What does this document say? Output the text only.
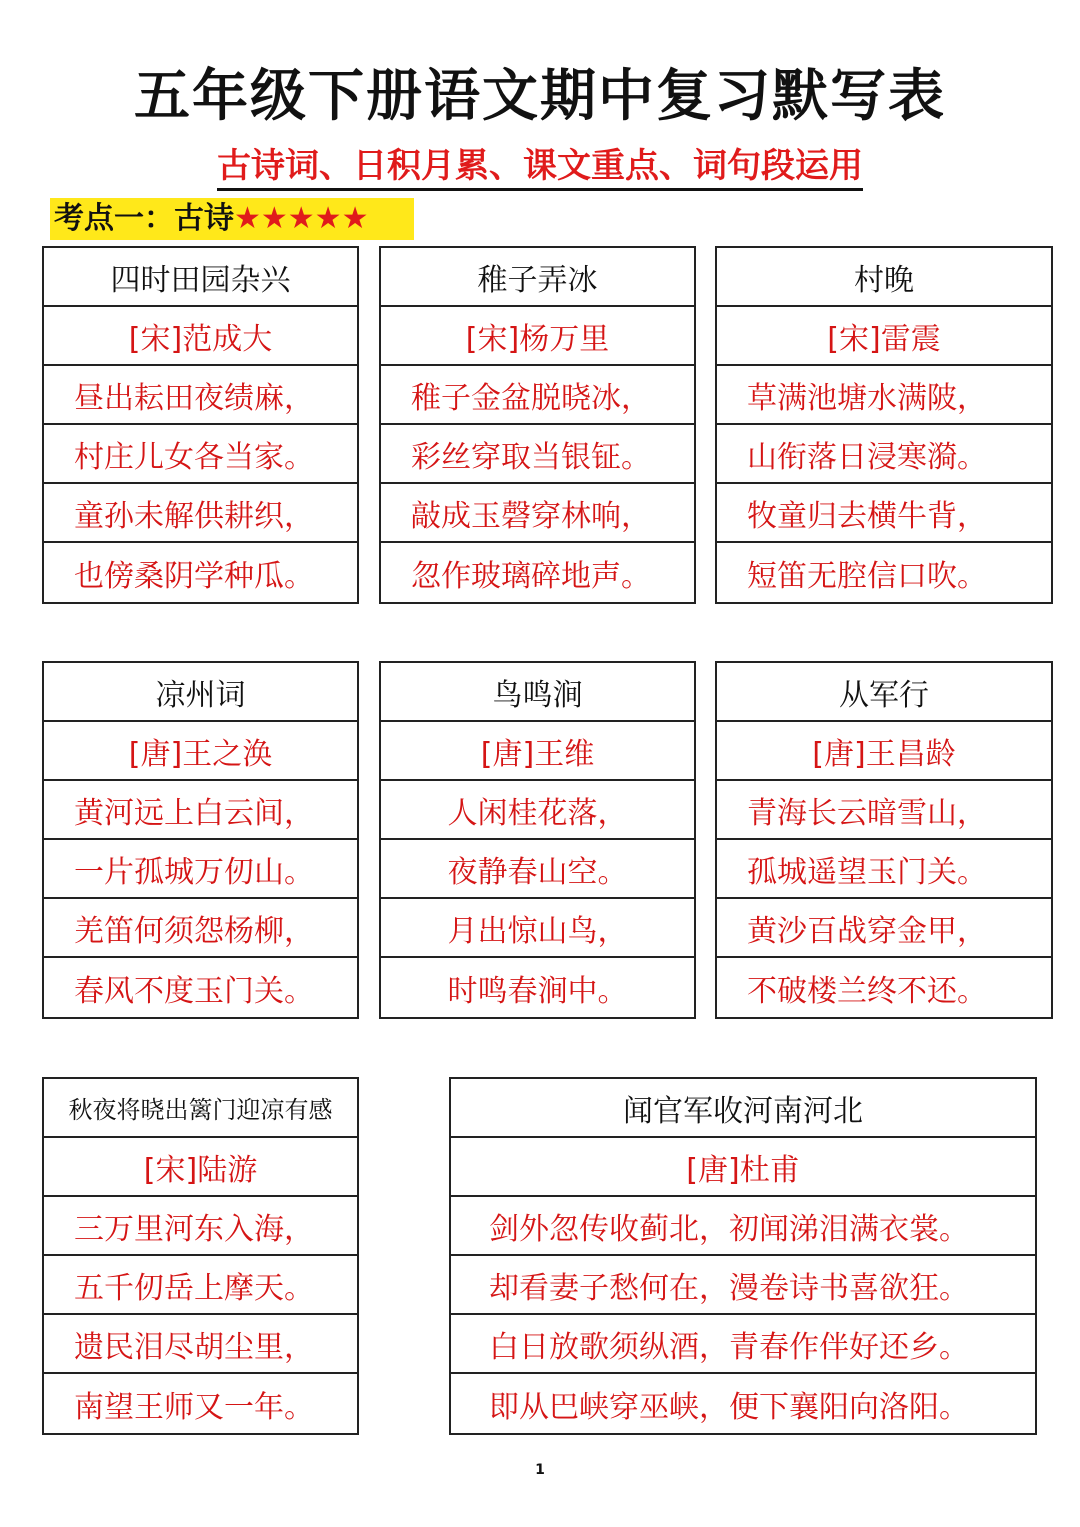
五年级下册语文期中复习默写表
古诗词、日积月累、课文重点、词句段运用
考点一：古诗★★★★★
四时田园杂兴
[宋]范成大
昼出耘田夜绩麻，
村庄儿女各当家。
童孙未解供耕织，
也傍桑阴学种瓜。
稚子弄冰
[宋]杨万里
稚子金盆脱晓冰，
彩丝穿取当银钲。
敲成玉磬穿林响，
忽作玻璃碎地声。
村晚
[宋]雷震
草满池塘水满陂，
山衔落日浸寒漪。
牧童归去横牛背，
短笛无腔信口吹。
凉州词
[唐]王之涣
黄河远上白云间，
一片孤城万仞山。
羌笛何须怨杨柳，
春风不度玉门关。
鸟鸣涧
[唐]王维
人闲桂花落，
夜静春山空。
月出惊山鸟，
时鸣春涧中。
从军行
[唐]王昌龄
青海长云暗雪山，
孤城遥望玉门关。
黄沙百战穿金甲，
不破楼兰终不还。
秋夜将晓出篱门迎凉有感
[宋]陆游
三万里河东入海，
五千仞岳上摩天。
遗民泪尽胡尘里，
南望王师又一年。
闻官军收河南河北
[唐]杜甫
剑外忽传收蓟北，初闻涕泪满衣裳。
却看妻子愁何在，漫卷诗书喜欲狂。
白日放歌须纵酒，青春作伴好还乡。
即从巴峡穿巫峡，便下襄阳向洛阳。
1
